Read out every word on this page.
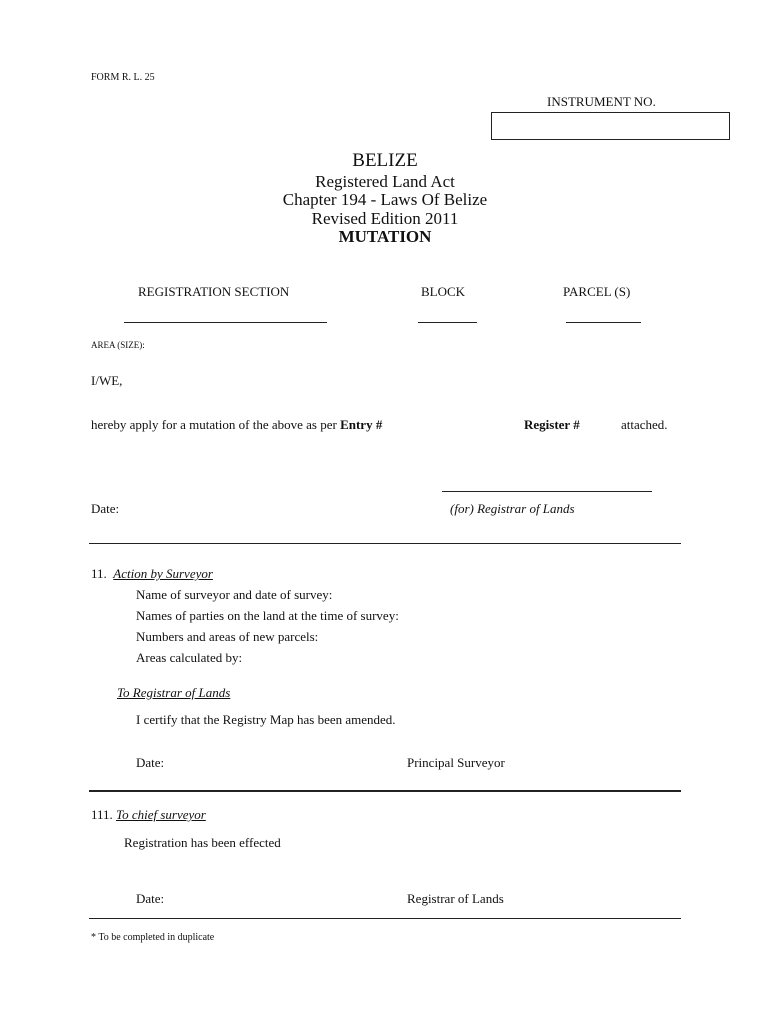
FORM R. L. 25
INSTRUMENT NO.
BELIZE
Registered Land Act
Chapter 194 - Laws Of Belize
Revised Edition 2011
MUTATION
REGISTRATION SECTION	BLOCK	PARCEL (S)
AREA (SIZE):
I/WE,
hereby apply for a mutation of the above as per Entry #	Register #	attached.
Date:	(for) Registrar of Lands
11. Action by Surveyor
Name of surveyor and date of survey:
Names of parties on the land at the time of survey:
Numbers and areas of new parcels:
Areas calculated by:
To Registrar of Lands
I certify that the Registry Map has been amended.
Date:	Principal Surveyor
111. To chief surveyor
Registration has been effected
Date:	Registrar of Lands
* To be completed in duplicate
